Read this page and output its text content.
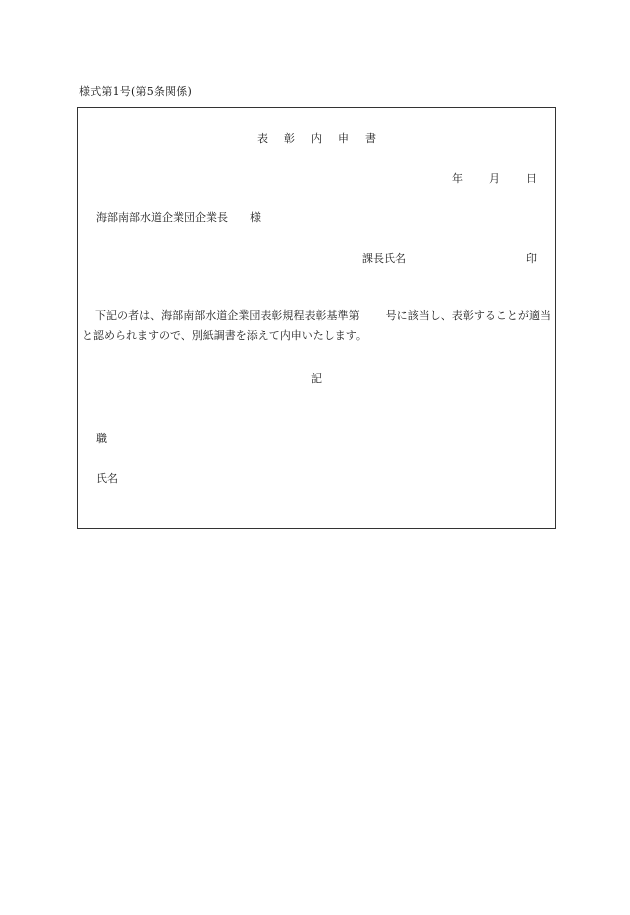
様式第1号(第5条関係)
表彰内申書
年 月 日
海部南部水道企業団企業長 様
課長氏名	印
下記の者は、海部南部水道企業団表彰規程表彰基準第 号に該当し、表彰することが適当と認められますので、別紙調書を添えて内申いたします。
記
職
氏名
